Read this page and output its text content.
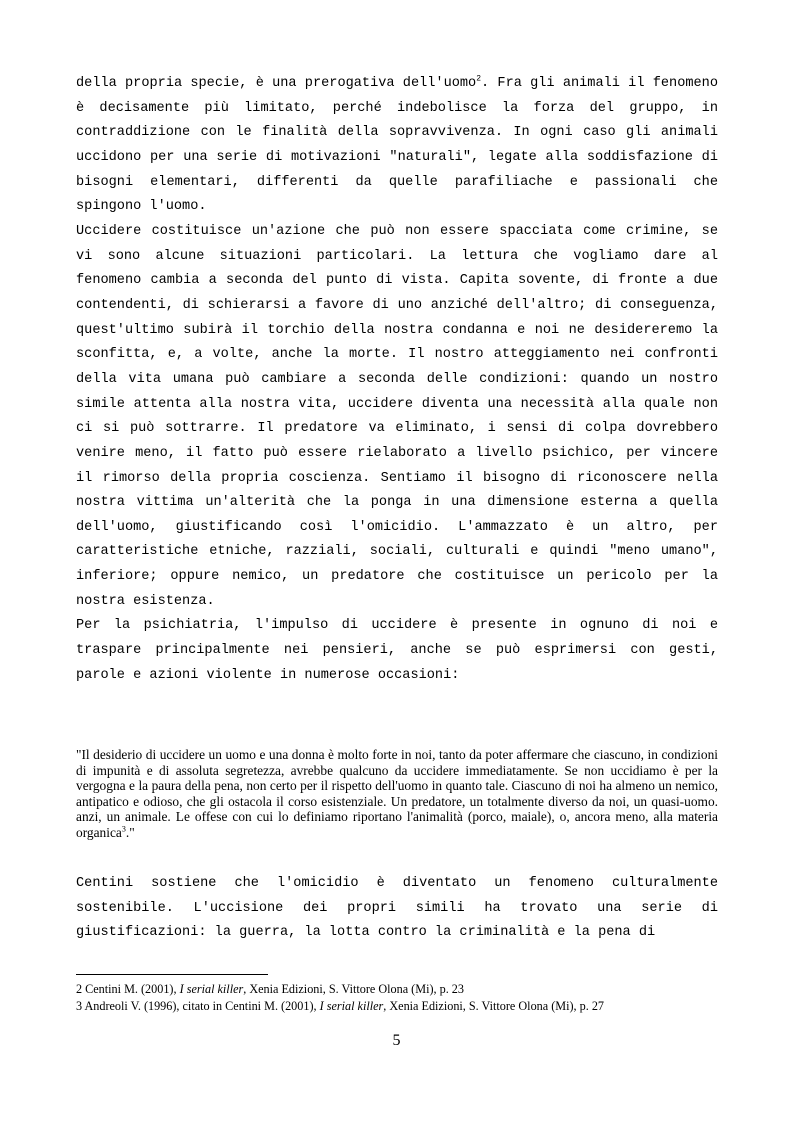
della propria specie, è una prerogativa dell'uomo$^2$. Fra gli animali il fenomeno è decisamente più limitato, perché indebolisce la forza del gruppo, in contraddizione con le finalità della sopravvivenza. In ogni caso gli animali uccidono per una serie di motivazioni "naturali", legate alla soddisfazione di bisogni elementari, differenti da quelle parafiliache e passionali che spingono l'uomo.

Uccidere costituisce un'azione che può non essere spacciata come crimine, se vi sono alcune situazioni particolari. La lettura che vogliamo dare al fenomeno cambia a seconda del punto di vista. Capita sovente, di fronte a due contendenti, di schierarsi a favore di uno anziché dell'altro; di conseguenza, quest'ultimo subirà il torchio della nostra condanna e noi ne desidereremo la sconfitta, e, a volte, anche la morte. Il nostro atteggiamento nei confronti della vita umana può cambiare a seconda delle condizioni: quando un nostro simile attenta alla nostra vita, uccidere diventa una necessità alla quale non ci si può sottrarre. Il predatore va eliminato, i sensi di colpa dovrebbero venire meno, il fatto può essere rielaborato a livello psichico, per vincere il rimorso della propria coscienza. Sentiamo il bisogno di riconoscere nella nostra vittima un'alterità che la ponga in una dimensione esterna a quella dell'uomo, giustificando così l'omicidio. L'ammazzato è un altro, per caratteristiche etniche, razziali, sociali, culturali e quindi "meno umano", inferiore; oppure nemico, un predatore che costituisce un pericolo per la nostra esistenza.

Per la psichiatria, l'impulso di uccidere è presente in ognuno di noi e traspare principalmente nei pensieri, anche se può esprimersi con gesti, parole e azioni violente in numerose occasioni:

"Il desiderio di uccidere un uomo e una donna è molto forte in noi, tanto da poter affermare che ciascuno, in condizioni di impunità e di assoluta segretezza, avrebbe qualcuno da uccidere immediatamente. Se non uccidiamo è per la vergogna e la paura della pena, non certo per il rispetto dell'uomo in quanto tale. Ciascuno di noi ha almeno un nemico, antipatico e odioso, che gli ostacola il corso esistenziale. Un predatore, un totalmente diverso da noi, un quasi-uomo. anzi, un animale. Le offese con cui lo definiamo riportano l'animalità (porco, maiale), o, ancora meno, alla materia organica$^3$."

Centini sostiene che l'omicidio è diventato un fenomeno culturalmente sostenibile. L'uccisione dei propri simili ha trovato una serie di giustificazioni: la guerra, la lotta contro la criminalità e la pena di

2 Centini M. (2001), I serial killer, Xenia Edizioni, S. Vittore Olona (Mi), p. 23
3 Andreoli V. (1996), citato in Centini M. (2001), I serial killer, Xenia Edizioni, S. Vittore Olona (Mi), p. 27
5
